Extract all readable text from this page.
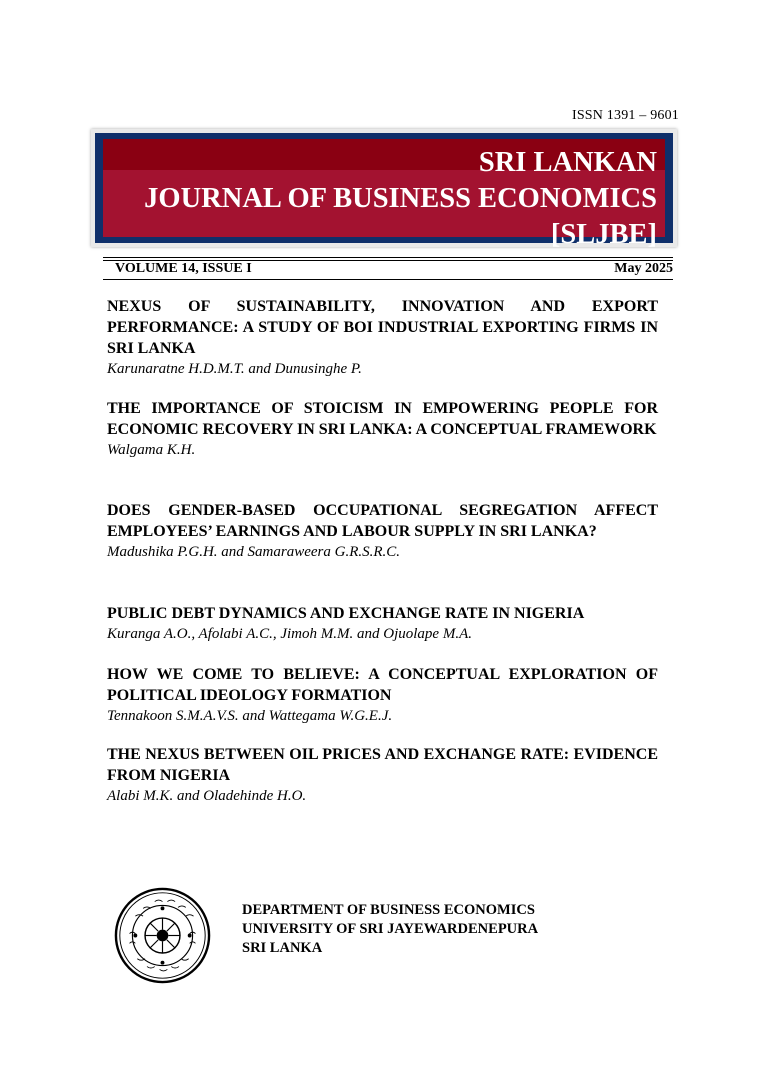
ISSN 1391 – 9601
SRI LANKAN
JOURNAL OF BUSINESS ECONOMICS
[SLJBE]
VOLUME 14, ISSUE I	May 2025

NEXUS OF SUSTAINABILITY, INNOVATION AND EXPORT PERFORMANCE: A STUDY OF BOI INDUSTRIAL EXPORTING FIRMS IN SRI LANKA

Karunaratne H.D.M.T. and Dunusinghe P.

THE IMPORTANCE OF STOICISM IN EMPOWERING PEOPLE FOR ECONOMIC RECOVERY IN SRI LANKA: A CONCEPTUAL FRAMEWORK

Walgama K.H.

DOES GENDER-BASED OCCUPATIONAL SEGREGATION AFFECT EMPLOYEES’ EARNINGS AND LABOUR SUPPLY IN SRI LANKA?

Madushika P.G.H. and Samaraweera G.R.S.R.C.

PUBLIC DEBT DYNAMICS AND EXCHANGE RATE IN NIGERIA

Kuranga A.O., Afolabi A.C., Jimoh M.M. and Ojuolape M.A.

HOW WE COME TO BELIEVE: A CONCEPTUAL EXPLORATION OF POLITICAL IDEOLOGY FORMATION

Tennakoon S.M.A.V.S. and Wattegama W.G.E.J.

THE NEXUS BETWEEN OIL PRICES AND EXCHANGE RATE: EVIDENCE FROM NIGERIA

Alabi M.K. and Oladehinde H.O.

DEPARTMENT OF BUSINESS ECONOMICS
UNIVERSITY OF SRI JAYEWARDENEPURA
SRI LANKA
